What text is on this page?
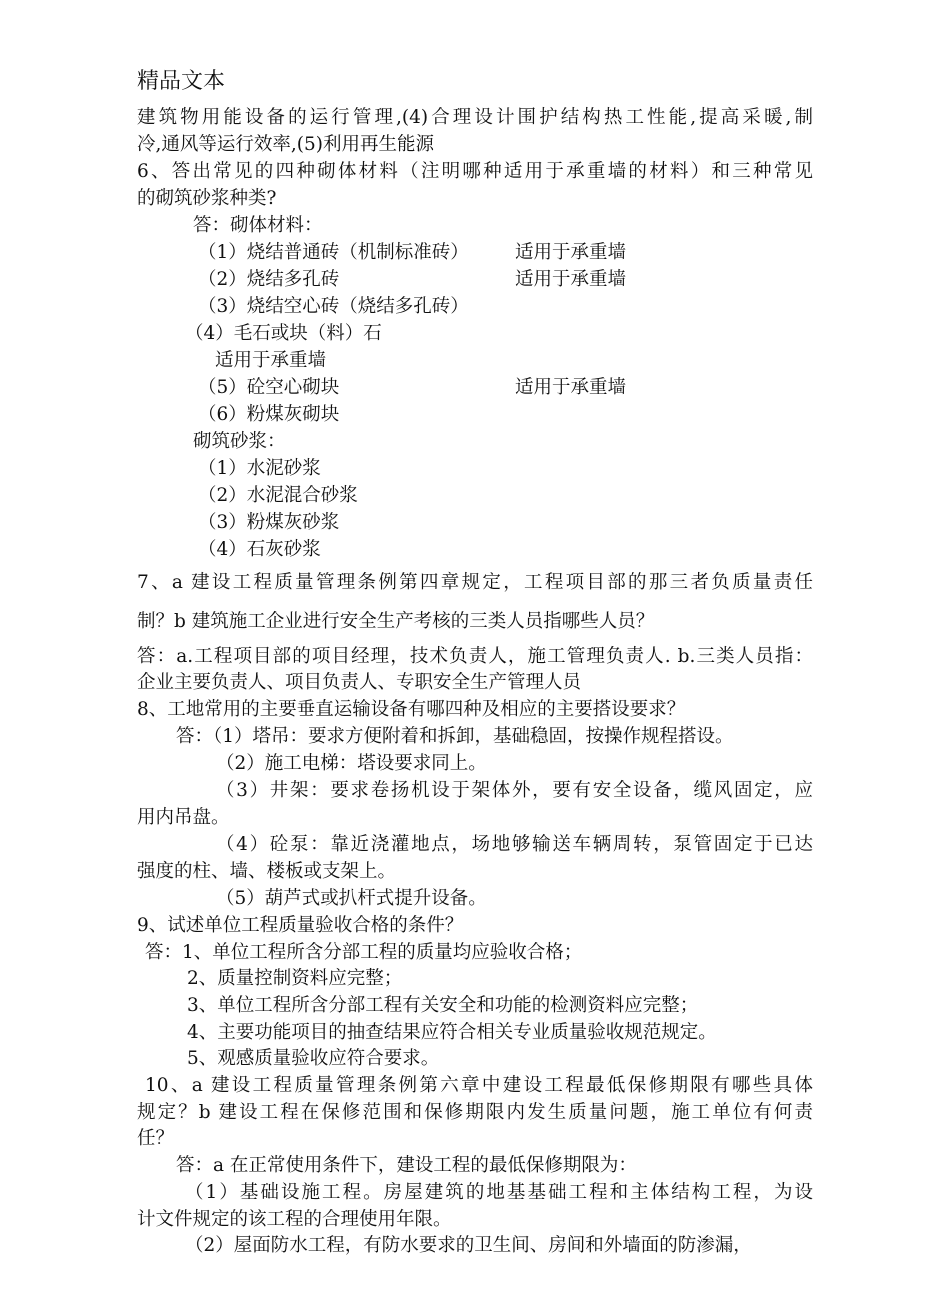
精品文本
建筑物用能设备的运行管理,(4)合理设计围护结构热工性能,提高采暖,制
冷,通风等运行效率,(5)利用再生能源
6、答出常见的四种砌体材料（注明哪种适用于承重墙的材料）和三种常见
的砌筑砂浆种类?
答：砌体材料：
（1）烧结普通砖（机制标准砖） 适用于承重墙
（2）烧结多孔砖	适用于承重墙
（3）烧结空心砖（烧结多孔砖）
（4）毛石或块（料）石
适用于承重墙
（5）砼空心砌块	适用于承重墙
（6）粉煤灰砌块
砌筑砂浆：
（1）水泥砂浆
（2）水泥混合砂浆
（3）粉煤灰砂浆
（4）石灰砂浆
7、a 建设工程质量管理条例第四章规定，工程项目部的那三者负质量责任
制？b 建筑施工企业进行安全生产考核的三类人员指哪些人员？
答：a.工程项目部的项目经理，技术负责人，施工管理负责人. b.三类人员指：
企业主要负责人、项目负责人、专职安全生产管理人员
8、工地常用的主要垂直运输设备有哪四种及相应的主要搭设要求？
答：（1）塔吊：要求方便附着和拆卸，基础稳固，按操作规程搭设。
（2）施工电梯：塔设要求同上。
（3）井架：要求卷扬机设于架体外，要有安全设备，缆风固定，应
用内吊盘。
（4）砼泵：靠近浇灌地点，场地够输送车辆周转，泵管固定于已达
强度的柱、墙、楼板或支架上。
（5）葫芦式或扒杆式提升设备。
9、试述单位工程质量验收合格的条件？
答：1、单位工程所含分部工程的质量均应验收合格；
2、质量控制资料应完整；
3、单位工程所含分部工程有关安全和功能的检测资料应完整；
4、主要功能项目的抽查结果应符合相关专业质量验收规范规定。
5、观感质量验收应符合要求。
10、a 建设工程质量管理条例第六章中建设工程最低保修期限有哪些具体
规定？b 建设工程在保修范围和保修期限内发生质量问题，施工单位有何责
任？
答：a 在正常使用条件下，建设工程的最低保修期限为：
（1）基础设施工程。房屋建筑的地基基础工程和主体结构工程，为设
计文件规定的该工程的合理使用年限。
（2）屋面防水工程，有防水要求的卫生间、房间和外墙面的防渗漏，
